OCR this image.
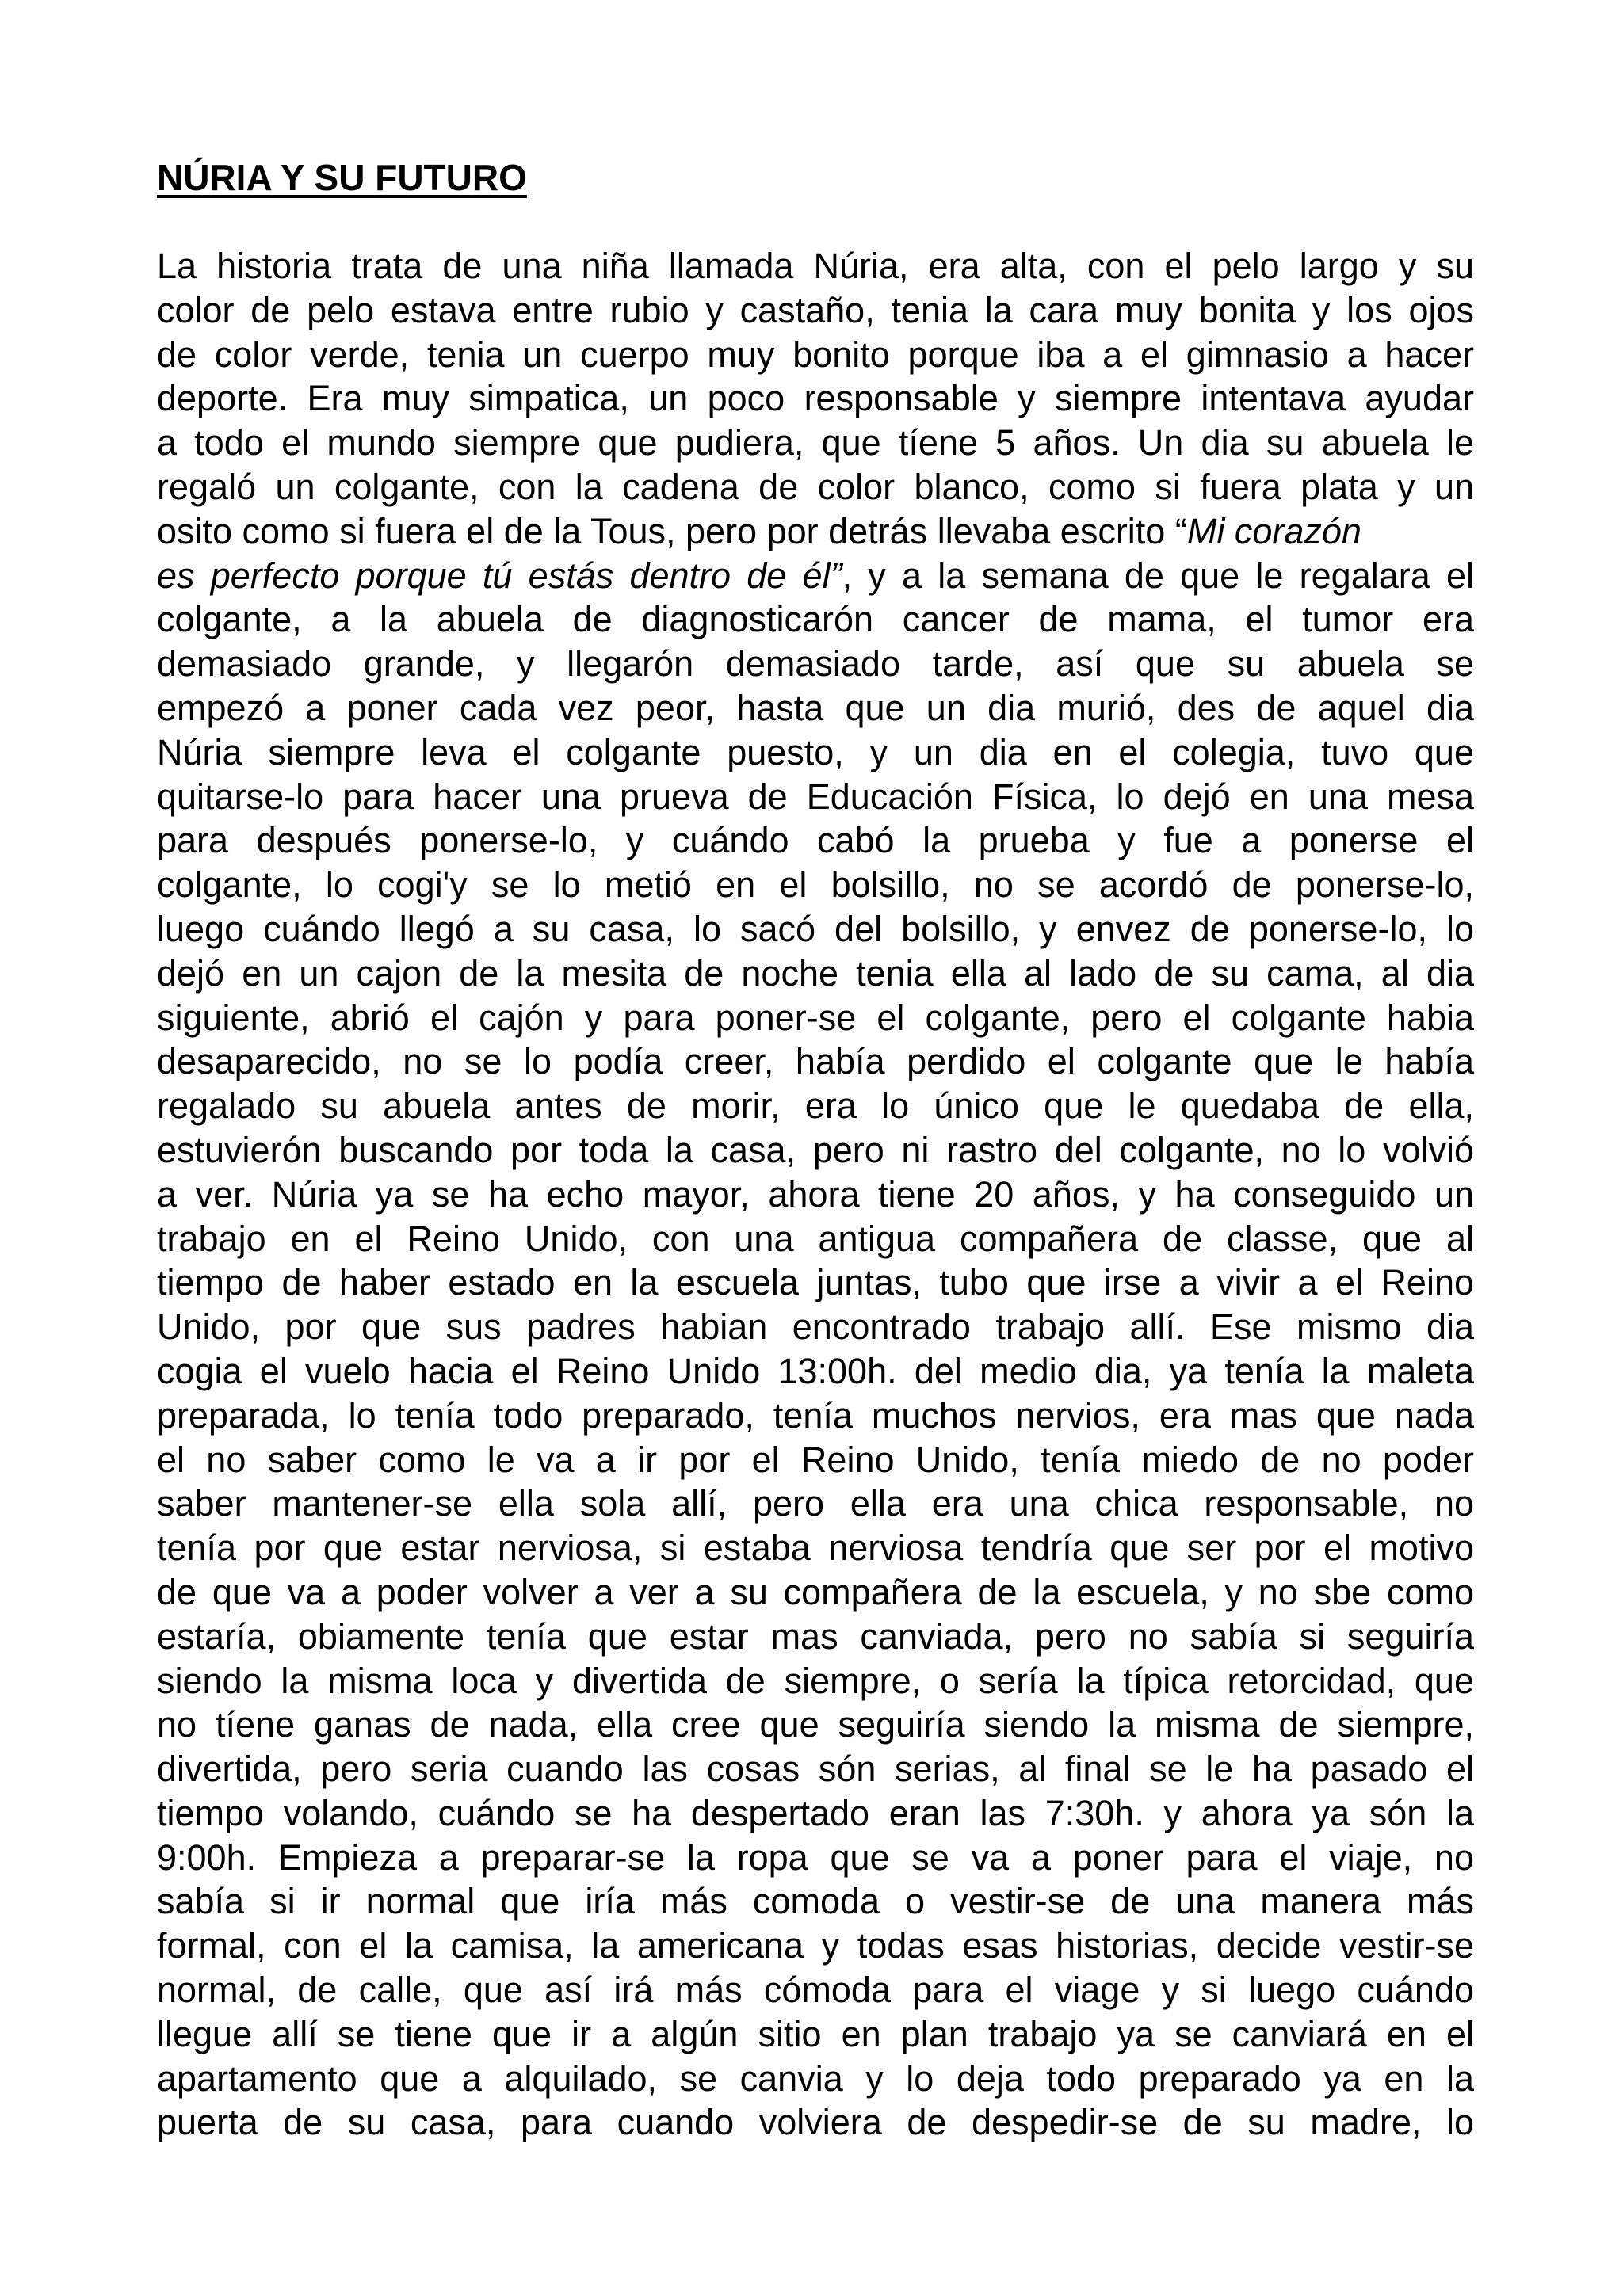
NÚRIA Y SU FUTURO
La historia trata de una niña llamada Núria, era alta, con el pelo largo y su
color de pelo estava entre rubio y castaño, tenia la cara muy bonita y los ojos
de color verde, tenia un cuerpo muy bonito porque iba a el gimnasio a hacer
deporte. Era muy simpatica, un poco responsable y siempre intentava ayudar
a todo el mundo siempre que pudiera, que tíene 5 años. Un dia su abuela le
regaló un colgante, con la cadena de color blanco, como si fuera plata y un
osito como si fuera el de la Tous, pero por detrás llevaba escrito “Mi corazón
es perfecto porque tú estás dentro de él”, y a la semana de que le regalara el
colgante, a la abuela de diagnosticarón cancer de mama, el tumor era
demasiado grande, y llegarón demasiado tarde, así que su abuela se
empezó a poner cada vez peor, hasta que un dia murió, des de aquel dia
Núria siempre leva el colgante puesto, y un dia en el colegia, tuvo que
quitarse-lo para hacer una prueva de Educación Física, lo dejó en una mesa
para después ponerse-lo, y cuándo cabó la prueba y fue a ponerse el
colgante, lo cogi'y se lo metió en el bolsillo, no se acordó de ponerse-lo,
luego cuándo llegó a su casa, lo sacó del bolsillo, y envez de ponerse-lo, lo
dejó en un cajon de la mesita de noche tenia ella al lado de su cama, al dia
siguiente, abrió el cajón y para poner-se el colgante, pero el colgante habia
desaparecido, no se lo podía creer, había perdido el colgante que le había
regalado su abuela antes de morir, era lo único que le quedaba de ella,
estuvierón buscando por toda la casa, pero ni rastro del colgante, no lo volvió
a ver. Núria ya se ha echo mayor, ahora tiene 20 años, y ha conseguido un
trabajo en el Reino Unido, con una antigua compañera de classe, que al
tiempo de haber estado en la escuela juntas, tubo que irse a vivir a el Reino
Unido, por que sus padres habian encontrado trabajo allí. Ese mismo dia
cogia el vuelo hacia el Reino Unido 13:00h. del medio dia, ya tenía la maleta
preparada, lo tenía todo preparado, tenía muchos nervios, era mas que nada
el no saber como le va a ir por el Reino Unido, tenía miedo de no poder
saber mantener-se ella sola allí, pero ella era una chica responsable, no
tenía por que estar nerviosa, si estaba nerviosa tendría que ser por el motivo
de que va a poder volver a ver a su compañera de la escuela, y no sbe como
estaría, obiamente tenía que estar mas canviada, pero no sabía si seguiría
siendo la misma loca y divertida de siempre, o sería la típica retorcidad, que
no tíene ganas de nada, ella cree que seguiría siendo la misma de siempre,
divertida, pero seria cuando las cosas són serias, al final se le ha pasado el
tiempo volando, cuándo se ha despertado eran las 7:30h. y ahora ya són la
9:00h. Empieza a preparar-se la ropa que se va a poner para el viaje, no
sabía si ir normal que iría más comoda o vestir-se de una manera más
formal, con el la camisa, la americana y todas esas historias, decide vestir-se
normal, de calle, que así irá más cómoda para el viage y si luego cuándo
llegue allí se tiene que ir a algún sitio en plan trabajo ya se canviará en el
apartamento que a alquilado, se canvia y lo deja todo preparado ya en la
puerta de su casa, para cuando volviera de despedir-se de su madre, lo
